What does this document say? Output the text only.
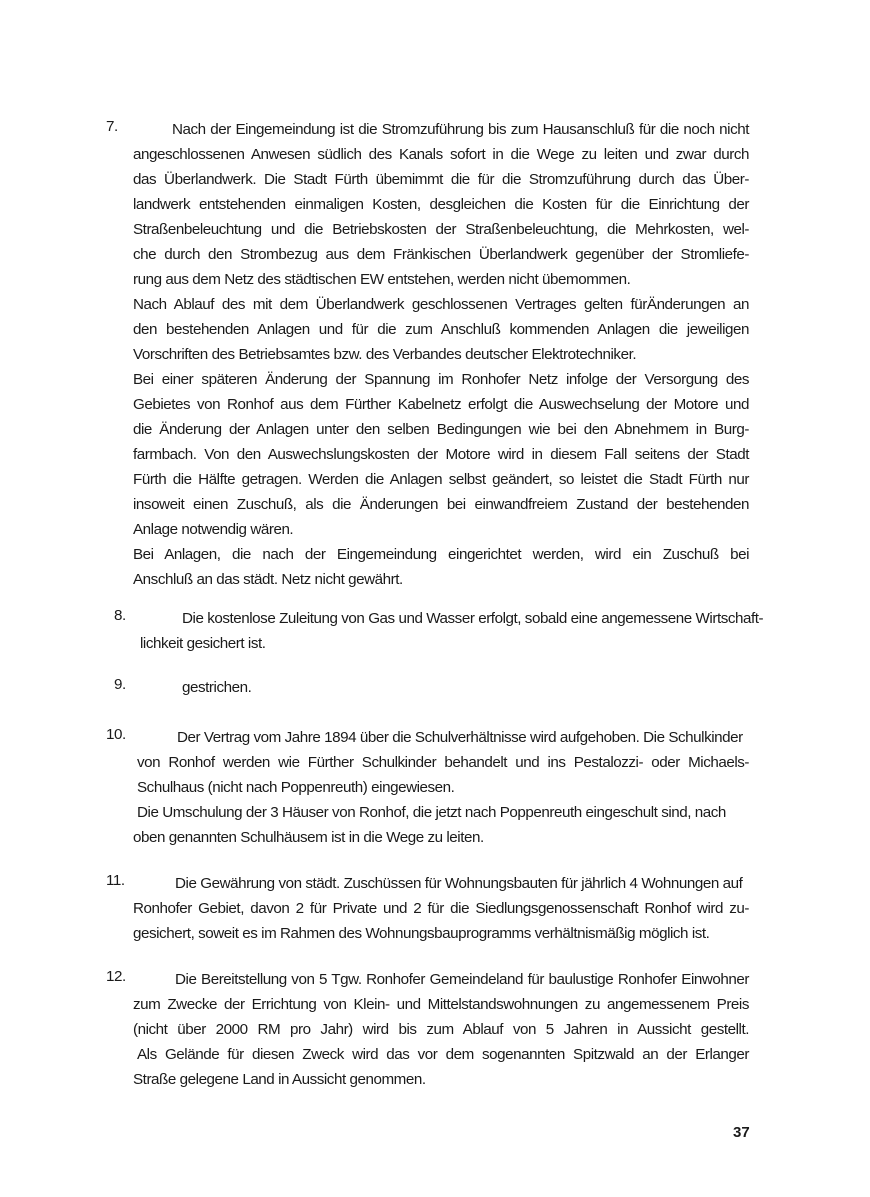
7.	Nach der Eingemeindung ist die Stromzuführung bis zum Hausanschluß für die noch nicht
angeschlossenen Anwesen südlich des Kanals sofort in die Wege zu leiten und zwar durch
das Überlandwerk. Die Stadt Fürth übemimmt die für die Stromzuführung durch das Über-
landwerk entstehenden einmaligen Kosten, desgleichen die Kosten für die Einrichtung der
Straßenbeleuchtung und die Betriebskosten der Straßenbeleuchtung, die Mehrkosten, wel-
che durch den Strombezug aus dem Fränkischen Überlandwerk gegenüber der Stromliefe-
rung aus dem Netz des städtischen EW entstehen, werden nicht übemommen.
Nach Ablauf des mit dem Überlandwerk geschlossenen Vertrages gelten fürÄnderungen an
den bestehenden Anlagen und für die zum Anschluß kommenden Anlagen die jeweiligen
Vorschriften des Betriebsamtes bzw. des Verbandes deutscher Elektrotechniker.
Bei einer späteren Änderung der Spannung im Ronhofer Netz infolge der Versorgung des
Gebietes von Ronhof aus dem Fürther Kabelnetz erfolgt die Auswechselung der Motore und
die Änderung der Anlagen unter den selben Bedingungen wie bei den Abnehmem in Burg-
farmbach. Von den Auswechslungskosten der Motore wird in diesem Fall seitens der Stadt
Fürth die Hälfte getragen. Werden die Anlagen selbst geändert, so leistet die Stadt Fürth nur
insoweit einen Zuschuß, als die Änderungen bei einwandfreiem Zustand der bestehenden
Anlage notwendig wären.
Bei Anlagen, die nach der Eingemeindung eingerichtet werden, wird ein Zuschuß bei
Anschluß an das städt. Netz nicht gewährt.
8.	Die kostenlose Zuleitung von Gas und Wasser erfolgt, sobald eine angemessene Wirtschaft-
lichkeit gesichert ist.
9.	gestrichen.
10.	Der Vertrag vom Jahre 1894 über die Schulverhältnisse wird aufgehoben. Die Schulkinder
von Ronhof werden wie Fürther Schulkinder behandelt und ins Pestalozzi- oder Michaels-
Schulhaus (nicht nach Poppenreuth) eingewiesen.
Die Umschulung der 3 Häuser von Ronhof, die jetzt nach Poppenreuth eingeschult sind, nach
oben genannten Schulhäusem ist in die Wege zu leiten.
11.	Die Gewährung von städt. Zuschüssen für Wohnungsbauten für jährlich 4 Wohnungen auf
Ronhofer Gebiet, davon 2 für Private und 2 für die Siedlungsgenossenschaft Ronhof wird zu-
gesichert, soweit es im Rahmen des Wohnungsbauprogramms verhältnismäßig möglich ist.
12.	Die Bereitstellung von 5 Tgw. Ronhofer Gemeindeland für baulustige Ronhofer Einwohner
zum Zwecke der Errichtung von Klein- und Mittelstandswohnungen zu angemessenem Preis
(nicht über 2000 RM pro Jahr) wird bis zum Ablauf von 5 Jahren in Aussicht gestellt.
Als Gelände für diesen Zweck wird das vor dem sogenannten Spitzwald an der Erlanger
Straße gelegene Land in Aussicht genommen.
37
